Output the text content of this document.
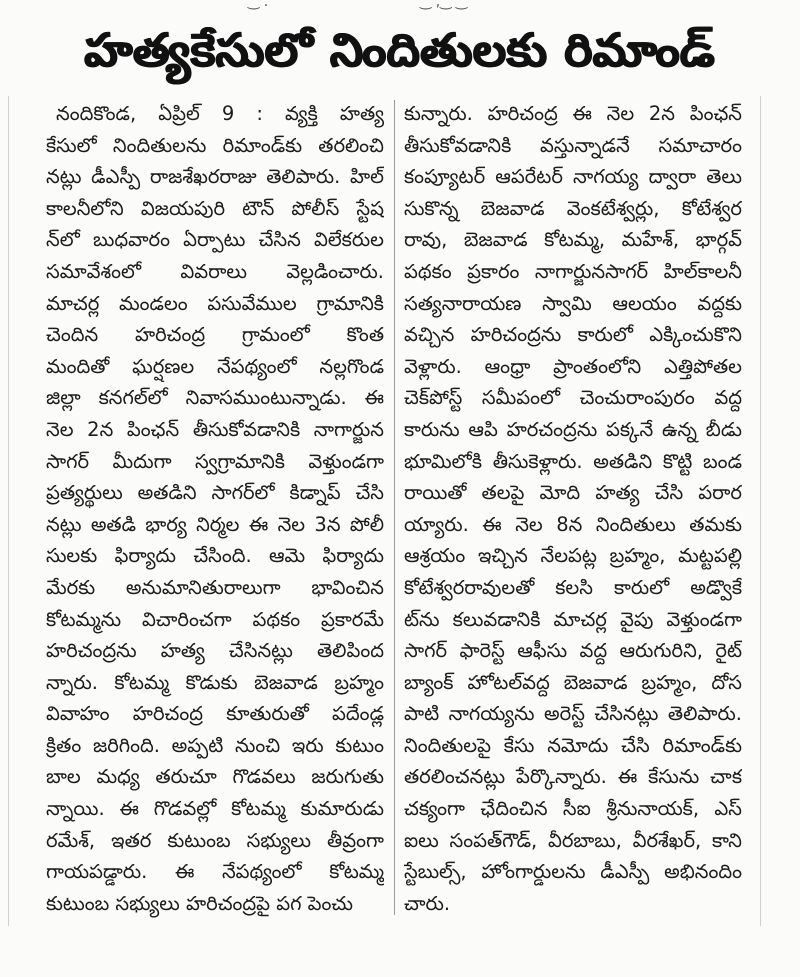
‿ .	‿ ,‿ ‿
హత్యకేసులో నిందితులకు రిమాండ్
నందికొండ, ఏప్రిల్ 9 : వ్యక్తి హత్య
కేసులో నిందితులను రిమాండ్‌కు తరలించి
నట్లు డీఎస్పీ రాజశేఖరరాజు తెలిపారు. హిల్
కాలనీలోని విజయపురి టౌన్ పోలీస్ స్టేష
న్‌లో బుధవారం ఏర్పాటు చేసిన విలేకరుల
సమావేశంలో వివరాలు వెల్లడించారు.
మాచర్ల మండలం పసువేముల గ్రామానికి
చెందిన హరిచంద్ర గ్రామంలో కొంత
మందితో ఘర్షణల నేపథ్యంలో నల్లగొండ
జిల్లా కనగల్‌లో నివాసముంటున్నాడు. ఈ
నెల 2న పింఛన్ తీసుకోవడానికి నాగార్జున
సాగర్ మీదుగా స్వగ్రామానికి వెళ్తుండగా
ప్రత్యర్థులు అతడిని సాగర్‌లో కిడ్నాప్ చేసి
నట్లు అతడి భార్య నిర్మల ఈ నెల 3న పోలీ
సులకు ఫిర్యాదు చేసింది. ఆమె ఫిర్యాదు
మేరకు అనుమానితురాలుగా భావించిన
కోటమ్మను విచారించగా పథకం ప్రకారమే
హరిచంద్రను హత్య చేసినట్లు తెలిపింద
న్నారు. కోటమ్మ కొడుకు బెజవాడ బ్రహ్మం
వివాహం హరిచంద్ర కూతురుతో పదేండ్ల
క్రితం జరిగింది. అప్పటి నుంచి ఇరు కుటుం
బాల మధ్య తరుచూ గొడవలు జరుగుతు
న్నాయి. ఈ గొడవల్లో కోటమ్మ కుమారుడు
రమేశ్, ఇతర కుటుంబ సభ్యులు తీవ్రంగా
గాయపడ్డారు. ఈ నేపథ్యంలో కోటమ్మ
కుటుంబ సభ్యులు హరిచంద్రపై పగ పెంచు
కున్నారు. హరిచంద్ర ఈ నెల 2న పింఛన్
తీసుకోవడానికి వస్తున్నాడనే సమాచారం
కంప్యూటర్ ఆపరేటర్ నాగయ్య ద్వారా తెలు
సుకొన్న బెజవాడ వెంకటేశ్వర్లు, కోటేశ్వర
రావు, బెజవాడ కోటమ్మ, మహేశ్, భార్గవ్
పథకం ప్రకారం నాగార్జునసాగర్ హిల్‌కాలనీ
సత్యనారాయణ స్వామి ఆలయం వద్దకు
వచ్చిన హరిచంద్రను కారులో ఎక్కించుకొని
వెళ్లారు. ఆంధ్రా ప్రాంతంలోని ఎత్తిపోతల
చెక్‌పోస్ట్ సమీపంలో చెంచురాంపురం వద్ద
కారును ఆపి హరచంద్రను పక్కనే ఉన్న బీడు
భూమిలోకి తీసుకెళ్లారు. అతడిని కొట్టి బండ
రాయితో తలపై మోది హత్య చేసి పరార
య్యారు. ఈ నెల 8న నిందితులు తమకు
ఆశ్రయం ఇచ్చిన నేలపట్ల బ్రహ్మం, మట్టపల్లి
కోటేశ్వరరావులతో కలసి కారులో అడ్వొకే
ట్‌ను కలువడానికి మాచర్ల వైపు వెళ్తుండగా
సాగర్ ఫారెస్ట్ ఆఫీసు వద్ద ఆరుగురిని, రైట్
బ్యాంక్ హోటల్‌వద్ద బెజవాడ బ్రహ్మం, దోస
పాటి నాగయ్యను అరెస్ట్ చేసినట్లు తెలిపారు.
నిందితులపై కేసు నమోదు చేసి రిమాండ్‌కు
తరలించనట్లు పేర్కొన్నారు. ఈ కేసును చాక
చక్యంగా ఛేదించిన సీఐ శ్రీనునాయక్, ఎస్
ఐలు సంపత్‌గౌడ్, వీరబాబు, వీరశేఖర్, కాని
స్టేబుల్స్, హోంగార్డులను డీఎస్పీ అభినందిం
చారు.
